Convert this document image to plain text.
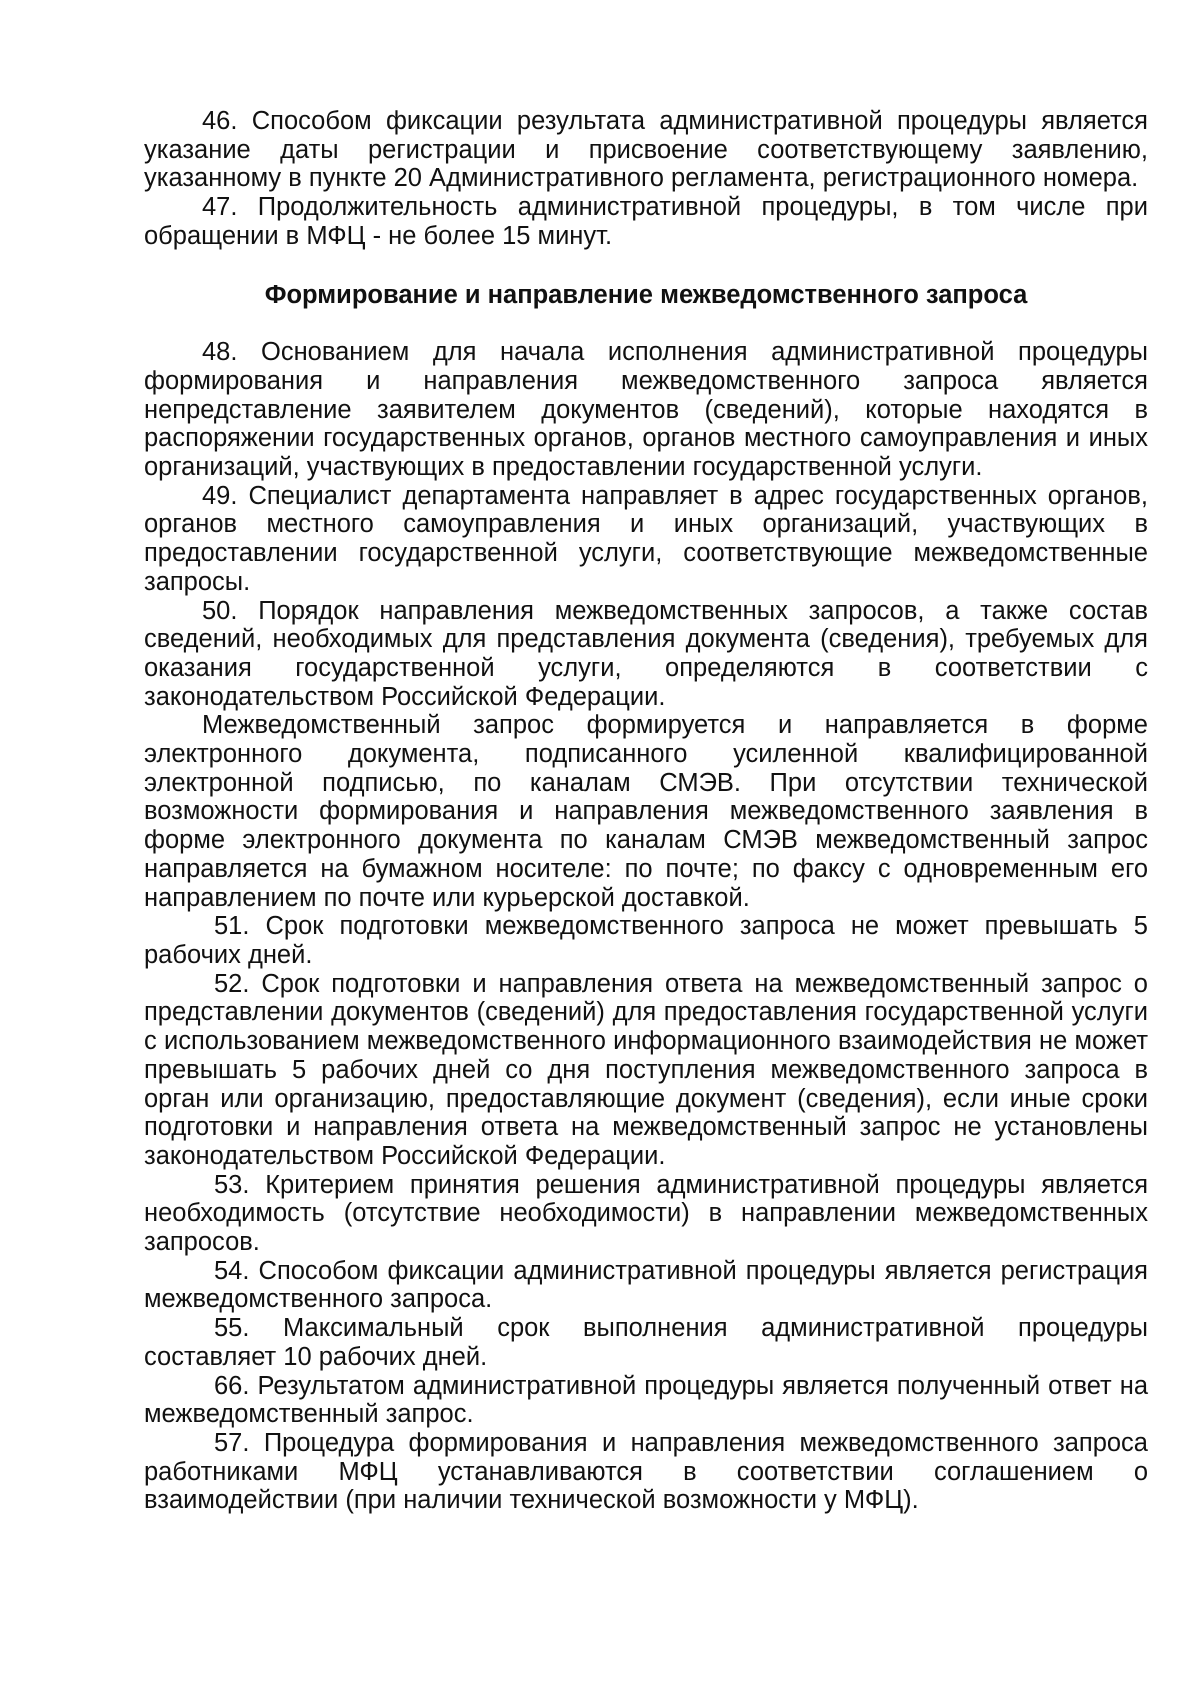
46. Способом фиксации результата административной процедуры является указание даты регистрации и присвоение соответствующему заявлению, указанному в пункте 20 Административного регламента, регистрационного номера.

47. Продолжительность административной процедуры, в том числе при обращении в МФЦ - не более 15 минут.

Формирование и направление межведомственного запроса

48. Основанием для начала исполнения административной процедуры формирования и направления межведомственного запроса является непредставление заявителем документов (сведений), которые находятся в распоряжении государственных органов, органов местного самоуправления и иных организаций, участвующих в предоставлении государственной услуги.

49. Специалист департамента направляет в адрес государственных органов, органов местного самоуправления и иных организаций, участвующих в предоставлении государственной услуги, соответствующие межведомственные запросы.

50. Порядок направления межведомственных запросов, а также состав сведений, необходимых для представления документа (сведения), требуемых для оказания государственной услуги, определяются в соответствии с законодательством Российской Федерации.

Межведомственный запрос формируется и направляется в форме электронного документа, подписанного усиленной квалифицированной электронной подписью, по каналам СМЭВ. При отсутствии технической возможности формирования и направления межведомственного заявления в форме электронного документа по каналам СМЭВ межведомственный запрос направляется на бумажном носителе: по почте; по факсу с одновременным его направлением по почте или курьерской доставкой.

51. Срок подготовки межведомственного запроса не может превышать 5 рабочих дней.

52. Срок подготовки и направления ответа на межведомственный запрос о представлении документов (сведений) для предоставления государственной услуги с использованием межведомственного информационного взаимодействия не может превышать 5 рабочих дней со дня поступления межведомственного запроса в орган или организацию, предоставляющие документ (сведения), если иные сроки подготовки и направления ответа на межведомственный запрос не установлены законодательством Российской Федерации.

53. Критерием принятия решения административной процедуры является необходимость (отсутствие необходимости) в направлении межведомственных запросов.

54. Способом фиксации административной процедуры является регистрация межведомственного запроса.

55. Максимальный срок выполнения административной процедуры составляет 10 рабочих дней.

66. Результатом административной процедуры является полученный ответ на межведомственный запрос.

57. Процедура формирования и направления межведомственного запроса работниками МФЦ устанавливаются в соответствии соглашением о взаимодействии (при наличии технической возможности у МФЦ).
